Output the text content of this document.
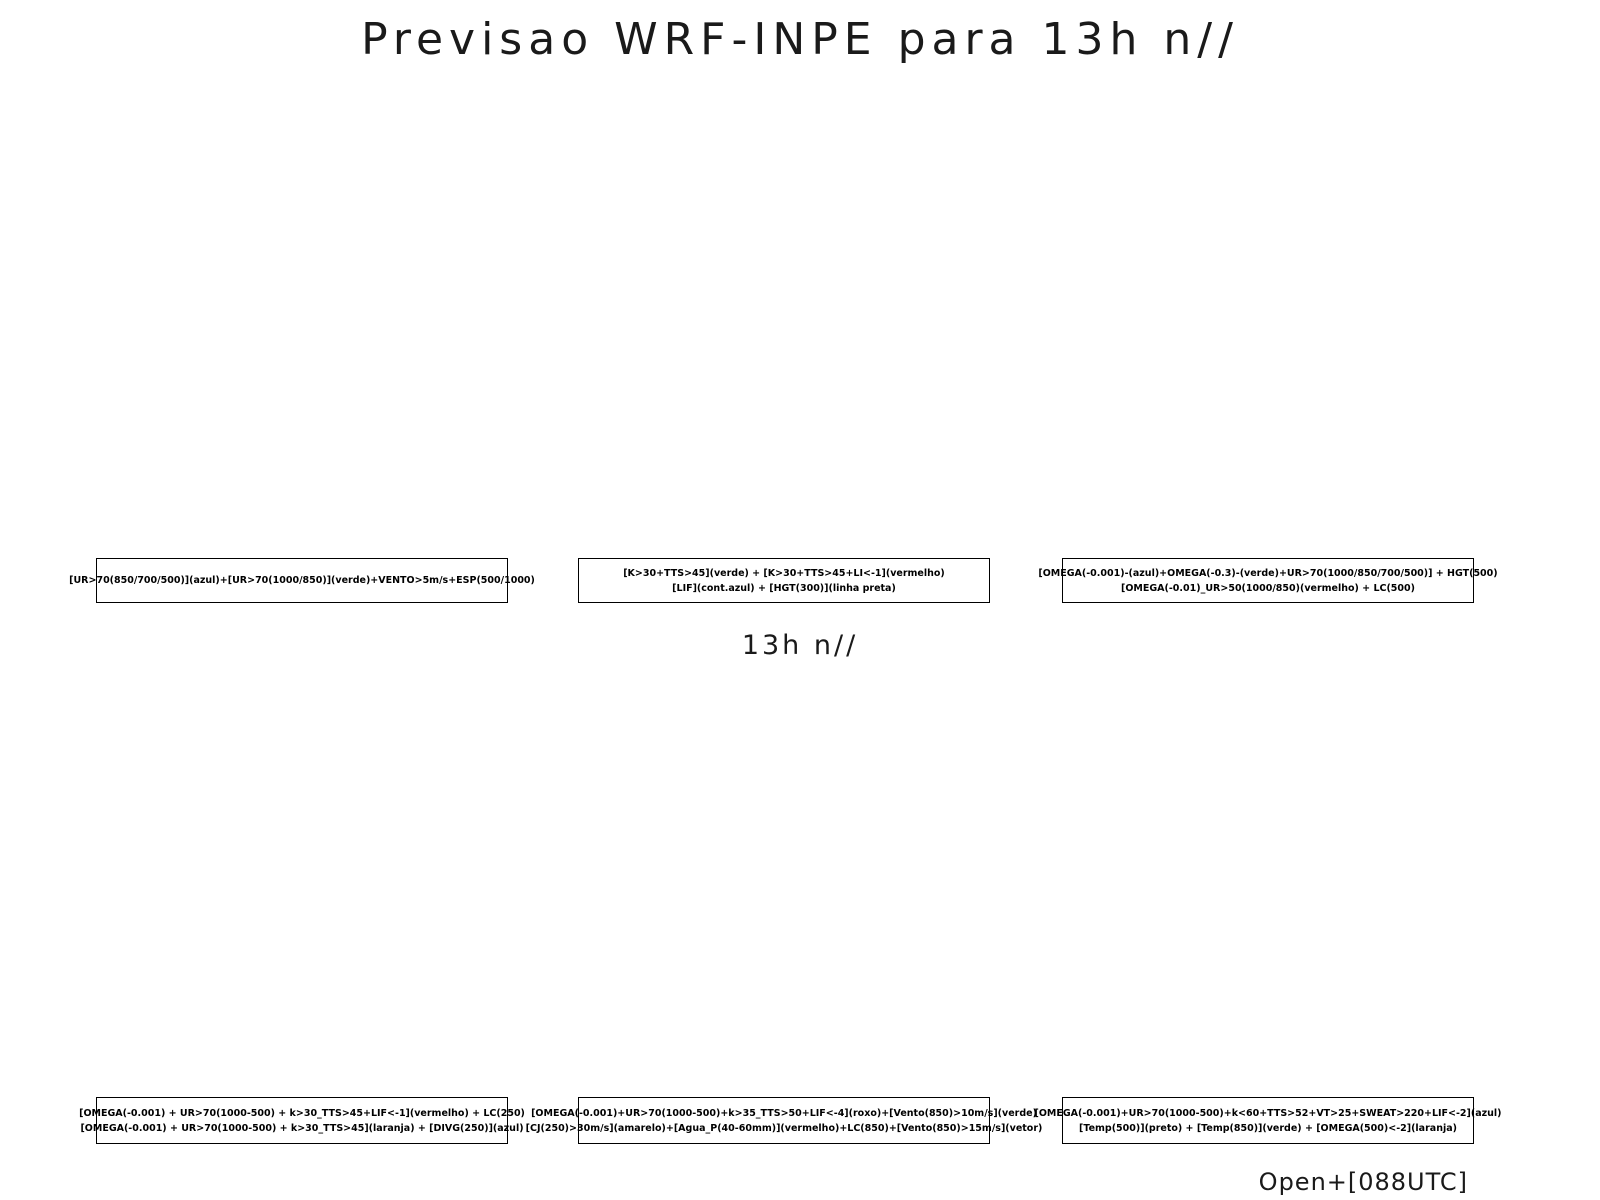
Previsao WRF-INPE para 13h n//
[UR>70(850/700/500)](azul)+[UR>70(1000/850)](verde)+VENTO>5m/s+ESP(500/1000)
[K>30+TTS>45](verde) + [K>30+TTS>45+LI<-1](vermelho)
[LIF](cont.azul) + [HGT(300)](linha preta)
[OMEGA(-0.001)-(azul)+OMEGA(-0.3)-(verde)+UR>70(1000/850/700/500)] + HGT(500)
[OMEGA(-0.01)_UR>50(1000/850)(vermelho) + LC(500)
13h n//
[OMEGA(-0.001) + UR>70(1000-500) + k>30_TTS>45+LIF<-1](vermelho) + LC(250)
[OMEGA(-0.001) + UR>70(1000-500) + k>30_TTS>45](laranja) + [DIVG(250)](azul)
[OMEGA(-0.001)+UR>70(1000-500)+k>35_TTS>50+LIF<-4](roxo)+[Vento(850)>10m/s](verde)
[CJ(250)>30m/s](amarelo)+[Agua_P(40-60mm)](vermelho)+LC(850)+[Vento(850)>15m/s](vetor)
[OMEGA(-0.001)+UR>70(1000-500)+k<60+TTS>52+VT>25+SWEAT>220+LIF<-2](azul)
[Temp(500)](preto) + [Temp(850)](verde) + [OMEGA(500)<-2](laranja)
Open+[088UTC]
